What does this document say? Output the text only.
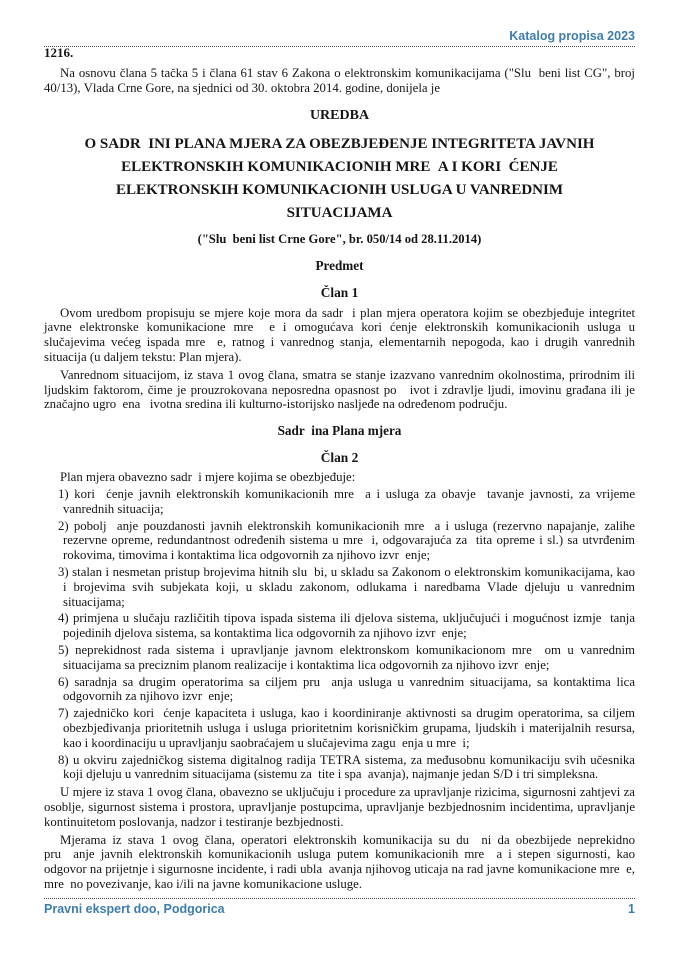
Katalog propisa 2023
1216.

Na osnovu člana 5 tačka 5 i člana 61 stav 6 Zakona o elektronskim komunikacijama ("Slu  beni list CG", broj 40/13), Vlada Crne Gore, na sjednici od 30. oktobra 2014. godine, donijela je

UREDBA
O SADR  INI PLANA MJERA ZA OBEZBJEĐENJE INTEGRITETA JAVNIH
ELEKTRONSKIH KOMUNIKACIONIH MRE  A I KORI  ĆENJE
ELEKTRONSKIH KOMUNIKACIONIH USLUGA U VANREDNIM
SITUACIJAMA
("Slu  beni list Crne Gore", br. 050/14 od 28.11.2014)
Predmet
Član 1

Ovom uredbom propisuju se mjere koje mora da sadr  i plan mjera operatora kojim se obezbjeđuje integritet javne elektronske komunikacione mre  e i omogućava kori ćenje elektronskih komunikacionih usluga u slučajevima većeg ispada mre  e, ratnog i vanrednog stanja, elementarnih nepogoda, kao i drugih vanrednih situacija (u daljem tekstu: Plan mjera).

Vanrednom situacijom, iz stava 1 ovog člana, smatra se stanje izazvano vanrednim okolnostima, prirodnim ili ljudskim faktorom, čime je prouzrokovana neposredna opasnost po   ivot i zdravlje ljudi, imovinu građana ili je značajno ugro  ena   ivotna sredina ili kulturno-istorijsko nasljeđe na određenom području.

Sadr  ina Plana mjera
Član 2

Plan mjera obavezno sadr  i mjere kojima se obezbjeđuje:

1) kori  ćenje javnih elektronskih komunikacionih mre  a i usluga za obavje  tavanje javnosti, za vrijeme vanrednih situacija;
2) pobolj  anje pouzdanosti javnih elektronskih komunikacionih mre  a i usluga (rezervno napajanje, zalihe rezervne opreme, redundantnost određenih sistema u mre  i, odgovarajuća za  tita opreme i sl.) sa utvrđenim rokovima, timovima i kontaktima lica odgovornih za njihovo izvr  enje;
3) stalan i nesmetan pristup brojevima hitnih slu  bi, u skladu sa Zakonom o elektronskim komunikacijama, kao i brojevima svih subjekata koji, u skladu zakonom, odlukama i naredbama Vlade djeluju u vanrednim situacijama;
4) primjena u slučaju različitih tipova ispada sistema ili djelova sistema, uključujući i mogućnost izmje  tanja pojedinih djelova sistema, sa kontaktima lica odgovornih za njihovo izvr  enje;
5) neprekidnost rada sistema i upravljanje javnom elektronskom komunikacionom mre  om u vanrednim situacijama sa preciznim planom realizacije i kontaktima lica odgovornih za njihovo izvr  enje;
6) saradnja sa drugim operatorima sa ciljem pru  anja usluga u vanrednim situacijama, sa kontaktima lica odgovornih za njihovo izvr  enje;
7) zajedničko kori  ćenje kapaciteta i usluga, kao i koordiniranje aktivnosti sa drugim operatorima, sa ciljem obezbjeđivanja prioritetnih usluga i usluga prioritetnim korisničkim grupama, ljudskih i materijalnih resursa, kao i koordinaciju u upravljanju saobraćajem u slučajevima zagu  enja u mre  i;
8) u okviru zajedničkog sistema digitalnog radija TETRA sistema, za međusobnu komunikaciju svih učesnika koji djeluju u vanrednim situacijama (sistemu za  tite i spa  avanja), najmanje jedan S/D i tri simpleksna.

U mjere iz stava 1 ovog člana, obavezno se uključuju i procedure za upravljanje rizicima, sigurnosni zahtjevi za osoblje, sigurnost sistema i prostora, upravljanje postupcima, upravljanje bezbjednosnim incidentima, upravljanje kontinuitetom poslovanja, nadzor i testiranje bezbjednosti.

Mjerama iz stava 1 ovog člana, operatori elektronskih komunikacija su du  ni da obezbijede neprekidno pru  anje javnih elektronskih komunikacionih usluga putem komunikacionih mre  a i stepen sigurnosti, kao odgovor na prijetnje i sigurnosne incidente, i radi ubla  avanja njihovog uticaja na rad javne komunikacione mre  e, mre  no povezivanje, kao i/ili na javne komunikacione usluge.

Pravni ekspert doo, Podgorica	1
